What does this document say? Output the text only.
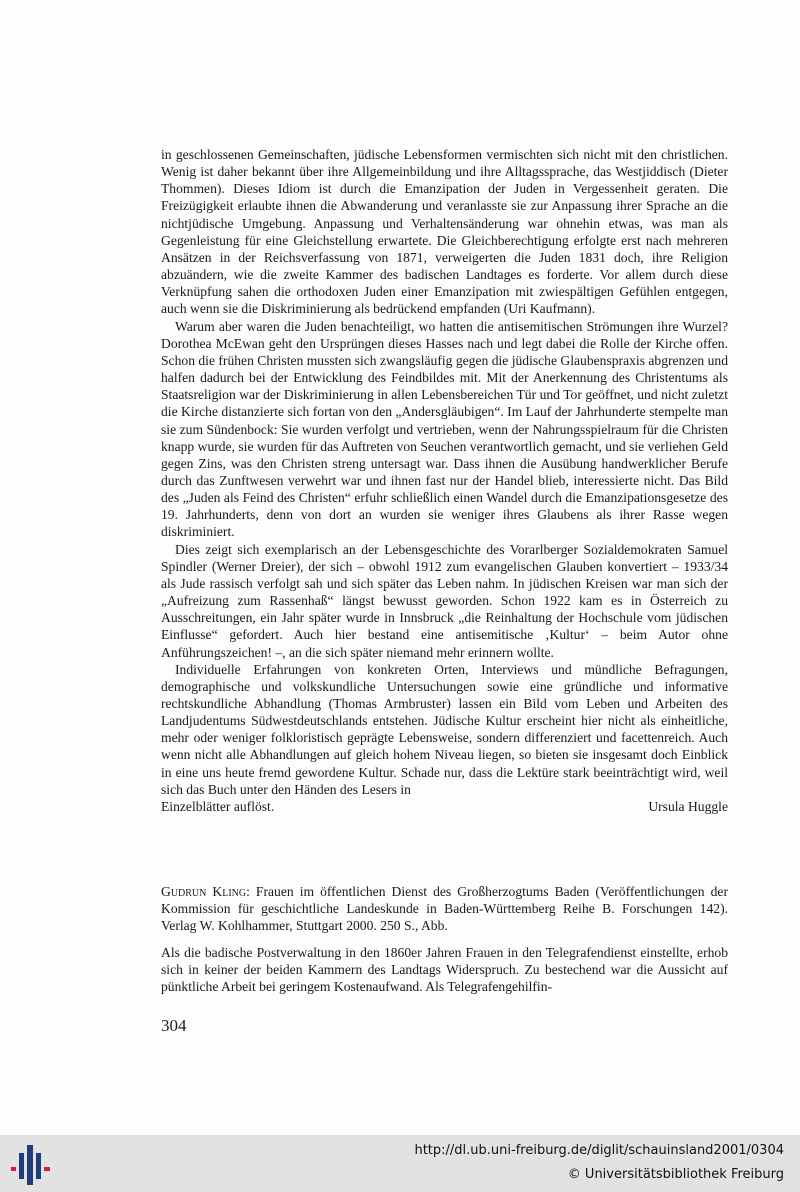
in geschlossenen Gemeinschaften, jüdische Lebensformen vermischten sich nicht mit den christlichen. Wenig ist daher bekannt über ihre Allgemeinbildung und ihre Alltagssprache, das Westjiddisch (Dieter Thommen). Dieses Idiom ist durch die Emanzipation der Juden in Vergessenheit geraten. Die Freizügigkeit erlaubte ihnen die Abwanderung und veranlasste sie zur Anpassung ihrer Sprache an die nichtjüdische Umgebung. Anpassung und Verhaltensänderung war ohnehin etwas, was man als Gegenleistung für eine Gleichstellung erwartete. Die Gleichberechtigung erfolgte erst nach mehreren Ansätzen in der Reichsverfassung von 1871, verweigerten die Juden 1831 doch, ihre Religion abzuändern, wie die zweite Kammer des badischen Landtages es forderte. Vor allem durch diese Verknüpfung sahen die orthodoxen Juden einer Emanzipation mit zwiespältigen Gefühlen entgegen, auch wenn sie die Diskriminierung als bedrückend empfanden (Uri Kaufmann).

Warum aber waren die Juden benachteiligt, wo hatten die antisemitischen Strömungen ihre Wurzel? Dorothea McEwan geht den Ursprüngen dieses Hasses nach und legt dabei die Rolle der Kirche offen. Schon die frühen Christen mussten sich zwangsläufig gegen die jüdische Glaubenspraxis abgrenzen und halfen dadurch bei der Entwicklung des Feindbildes mit. Mit der Anerkennung des Christentums als Staatsreligion war der Diskriminierung in allen Lebensbereichen Tür und Tor geöffnet, und nicht zuletzt die Kirche distanzierte sich fortan von den „Andersgläubigen“. Im Lauf der Jahrhunderte stempelte man sie zum Sündenbock: Sie wurden verfolgt und vertrieben, wenn der Nahrungsspielraum für die Christen knapp wurde, sie wurden für das Auftreten von Seuchen verantwortlich gemacht, und sie verliehen Geld gegen Zins, was den Christen streng untersagt war. Dass ihnen die Ausübung handwerklicher Berufe durch das Zunftwesen verwehrt war und ihnen fast nur der Handel blieb, interessierte nicht. Das Bild des „Juden als Feind des Christen“ erfuhr schließlich einen Wandel durch die Emanzipationsgesetze des 19. Jahrhunderts, denn von dort an wurden sie weniger ihres Glaubens als ihrer Rasse wegen diskriminiert.

Dies zeigt sich exemplarisch an der Lebensgeschichte des Vorarlberger Sozialdemokraten Samuel Spindler (Werner Dreier), der sich – obwohl 1912 zum evangelischen Glauben konvertiert – 1933/34 als Jude rassisch verfolgt sah und sich später das Leben nahm. In jüdischen Kreisen war man sich der „Aufreizung zum Rassenhaß“ längst bewusst geworden. Schon 1922 kam es in Österreich zu Ausschreitungen, ein Jahr später wurde in Innsbruck „die Reinhaltung der Hochschule vom jüdischen Einflusse“ gefordert. Auch hier bestand eine antisemitische ‚Kultur‘ – beim Autor ohne Anführungszeichen! –, an die sich später niemand mehr erinnern wollte.

Individuelle Erfahrungen von konkreten Orten, Interviews und mündliche Befragungen, demographische und volkskundliche Untersuchungen sowie eine gründliche und informative rechtskundliche Abhandlung (Thomas Armbruster) lassen ein Bild vom Leben und Arbeiten des Landjudentums Südwestdeutschlands entstehen. Jüdische Kultur erscheint hier nicht als einheitliche, mehr oder weniger folkloristisch geprägte Lebensweise, sondern differenziert und facettenreich. Auch wenn nicht alle Abhandlungen auf gleich hohem Niveau liegen, so bieten sie insgesamt doch Einblick in eine uns heute fremd gewordene Kultur. Schade nur, dass die Lektüre stark beeinträchtigt wird, weil sich das Buch unter den Händen des Lesers in

Einzelblätter auflöst.	Ursula Huggle
Gudrun Kling: Frauen im öffentlichen Dienst des Großherzogtums Baden (Veröffentlichungen der Kommission für geschichtliche Landeskunde in Baden-Württemberg Reihe B. Forschungen 142). Verlag W. Kohlhammer, Stuttgart 2000. 250 S., Abb.

Als die badische Postverwaltung in den 1860er Jahren Frauen in den Telegrafendienst einstellte, erhob sich in keiner der beiden Kammern des Landtags Widerspruch. Zu bestechend war die Aussicht auf pünktliche Arbeit bei geringem Kostenaufwand. Als Telegrafengehilfin-

304
http://dl.ub.uni-freiburg.de/diglit/schauinsland2001/0304
© Universitätsbibliothek Freiburg
